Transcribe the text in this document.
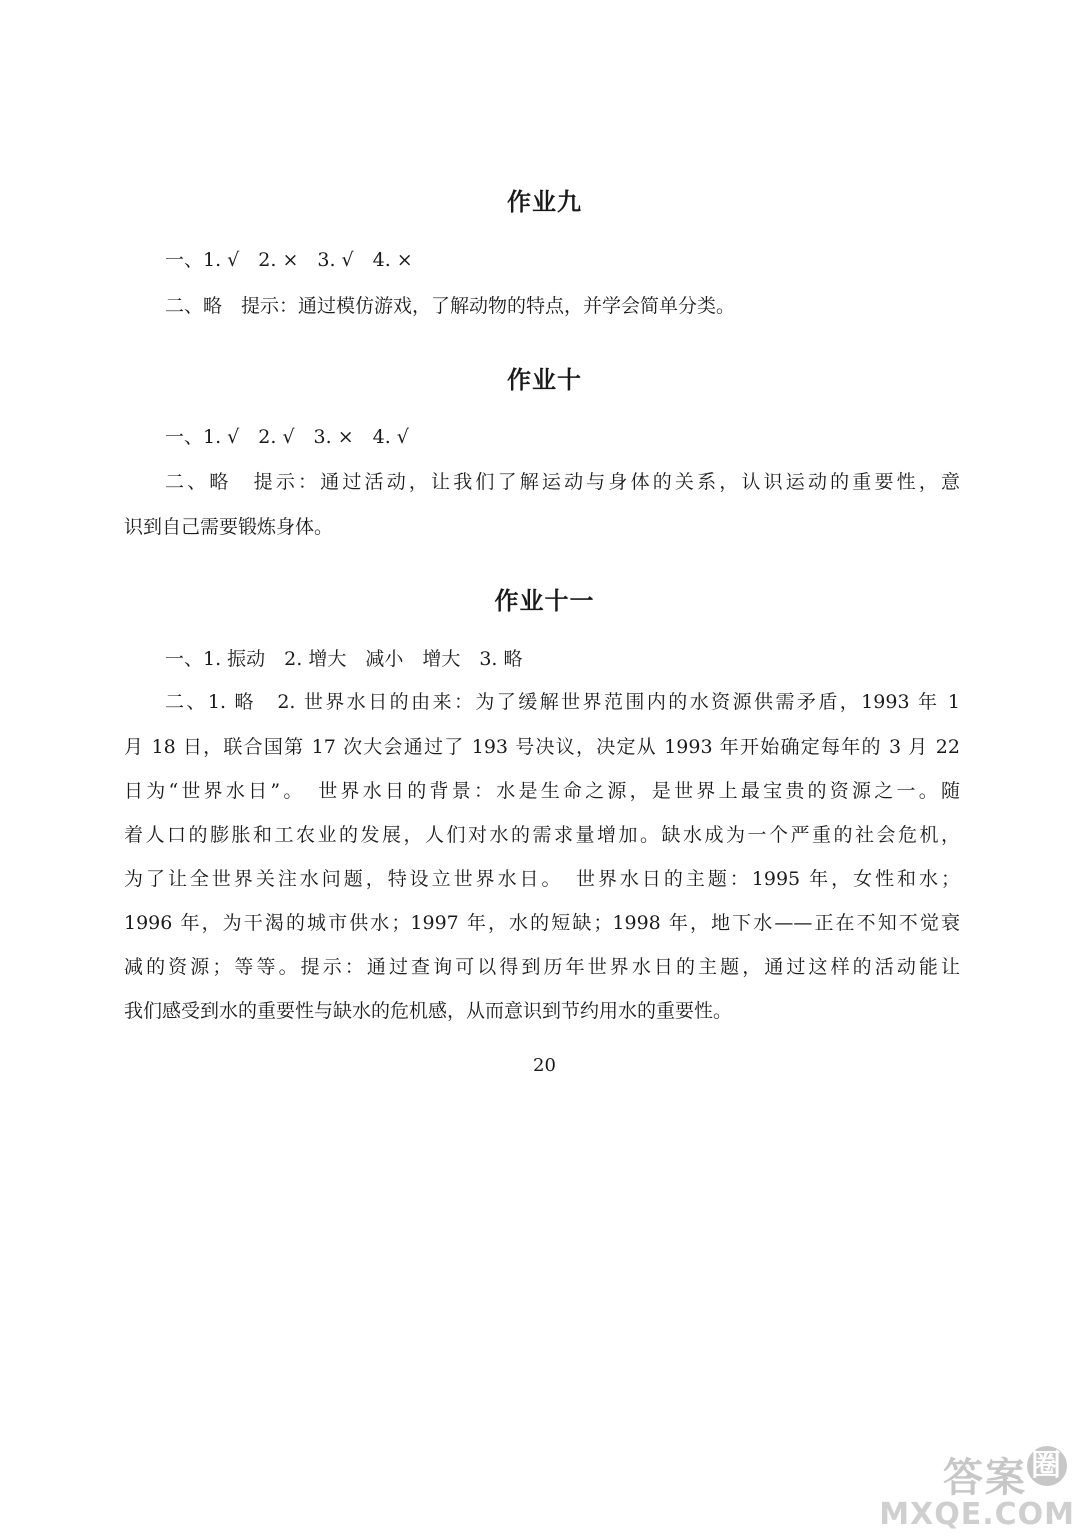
作业九
一、1. √　2. ×　3. √　4. ×
二、略　提示：通过模仿游戏，了解动物的特点，并学会简单分类。
作业十
一、1. √　2. √　3. ×　4. √
二、略　提示：通过活动，让我们了解运动与身体的关系，认识运动的重要性，意
识到自己需要锻炼身体。
作业十一
一、1. 振动　2. 增大　减小　增大　3. 略
二、1. 略　2. 世界水日的由来：为了缓解世界范围内的水资源供需矛盾，1993 年 1
月 18 日，联合国第 17 次大会通过了 193 号决议，决定从 1993 年开始确定每年的 3 月 22
日为“世界水日”。　世界水日的背景：水是生命之源，是世界上最宝贵的资源之一。随
着人口的膨胀和工农业的发展，人们对水的需求量增加。缺水成为一个严重的社会危机，
为了让全世界关注水问题，特设立世界水日。　世界水日的主题：1995 年，女性和水；
1996 年，为干渴的城市供水；1997 年，水的短缺；1998 年，地下水——正在不知不觉衰
减的资源；等等。提示：通过查询可以得到历年世界水日的主题，通过这样的活动能让
我们感受到水的重要性与缺水的危机感，从而意识到节约用水的重要性。
20
答案 圈
MXQE.COM
